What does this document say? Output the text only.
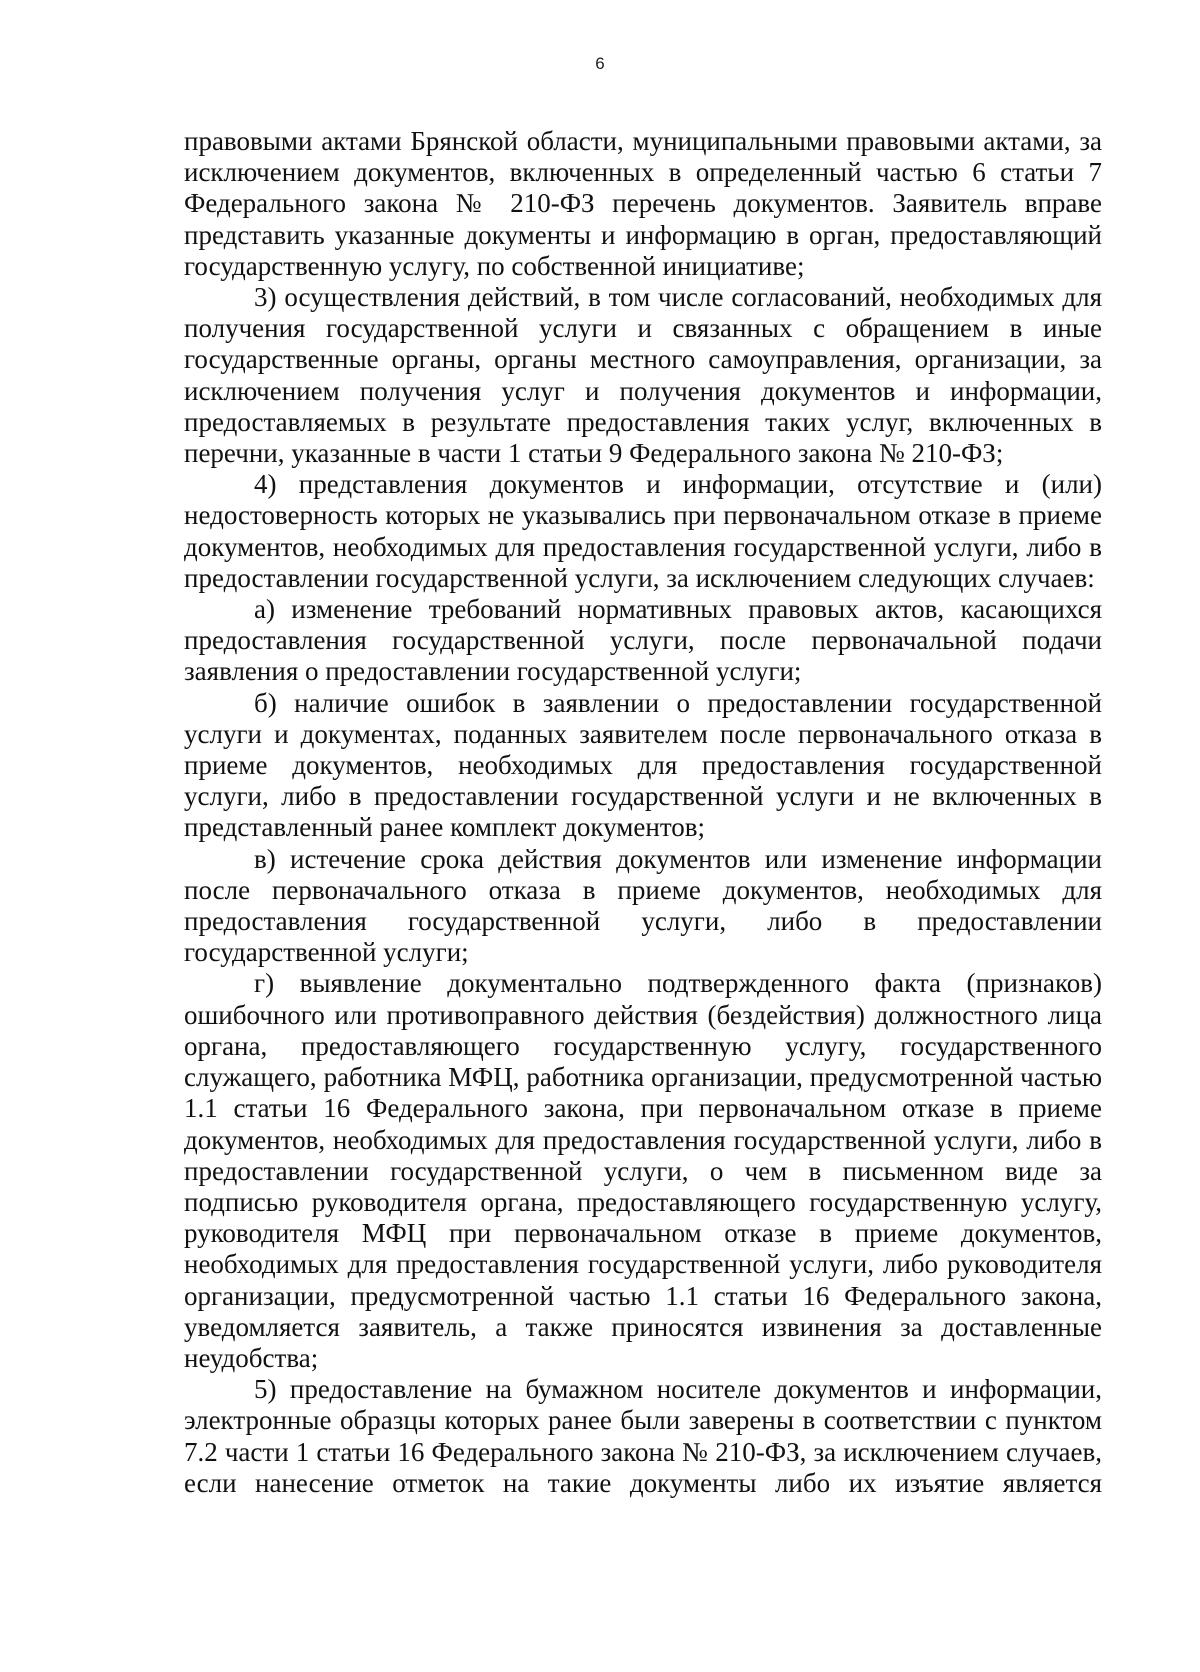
6

правовыми актами Брянской области, муниципальными правовыми актами, за исключением документов, включенных в определенный частью 6 статьи 7 Федерального закона № 210-ФЗ перечень документов. Заявитель вправе представить указанные документы и информацию в орган, предоставляющий государственную услугу, по собственной инициативе;

3) осуществления действий, в том числе согласований, необходимых для получения государственной услуги и связанных с обращением в иные государственные органы, органы местного самоуправления, организации, за исключением получения услуг и получения документов и информации, предоставляемых в результате предоставления таких услуг, включенных в перечни, указанные в части 1 статьи 9 Федерального закона № 210-ФЗ;

4) представления документов и информации, отсутствие и (или) недостоверность которых не указывались при первоначальном отказе в приеме документов, необходимых для предоставления государственной услуги, либо в предоставлении государственной услуги, за исключением следующих случаев:

а) изменение требований нормативных правовых актов, касающихся предоставления государственной услуги, после первоначальной подачи заявления о предоставлении государственной услуги;

б) наличие ошибок в заявлении о предоставлении государственной услуги и документах, поданных заявителем после первоначального отказа в приеме документов, необходимых для предоставления государственной услуги, либо в предоставлении государственной услуги и не включенных в представленный ранее комплект документов;

в) истечение срока действия документов или изменение информации после первоначального отказа в приеме документов, необходимых для предоставления государственной услуги, либо в предоставлении государственной услуги;

г) выявление документально подтвержденного факта (признаков) ошибочного или противоправного действия (бездействия) должностного лица органа, предоставляющего государственную услугу, государственного служащего, работника МФЦ, работника организации, предусмотренной частью 1.1 статьи 16 Федерального закона, при первоначальном отказе в приеме документов, необходимых для предоставления государственной услуги, либо в предоставлении государственной услуги, о чем в письменном виде за подписью руководителя органа, предоставляющего государственную услугу, руководителя МФЦ при первоначальном отказе в приеме документов, необходимых для предоставления государственной услуги, либо руководителя организации, предусмотренной частью 1.1 статьи 16 Федерального закона, уведомляется заявитель, а также приносятся извинения за доставленные неудобства;

5) предоставление на бумажном носителе документов и информации, электронные образцы которых ранее были заверены в соответствии с пунктом 7.2 части 1 статьи 16 Федерального закона № 210-ФЗ, за исключением случаев, если нанесение отметок на такие документы либо их изъятие является
